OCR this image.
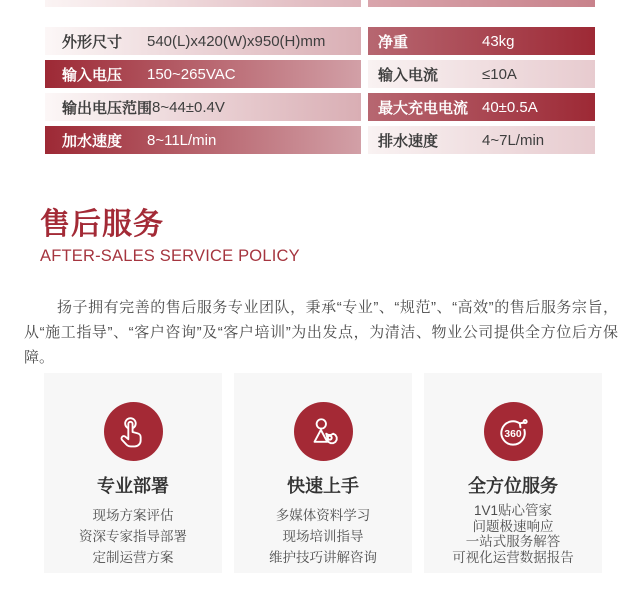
外形尺寸	540(L)x420(W)x950(H)mm	净重	43kg
输入电压	150~265VAC	输入电流	≤10A
输出电压范围 8~44±0.4V	最大充电电流 40±0.5A
加水速度	8~11L/min	排水速度	4~7L/min
售后服务
AFTER-SALES SERVICE POLICY

扬子拥有完善的售后服务专业团队，秉承“专业”、“规范”、“高效”的售后服务宗旨，从“施工指导”、“客户咨询”及“客户培训”为出发点，为清洁、物业公司提供全方位后方保障。

专业部署
现场方案评估
资深专家指导部署
定制运营方案
快速上手
多媒体资料学习
现场培训指导
维护技巧讲解咨询
360
全方位服务
1V1贴心管家
问题极速响应
一站式服务解答
可视化运营数据报告
